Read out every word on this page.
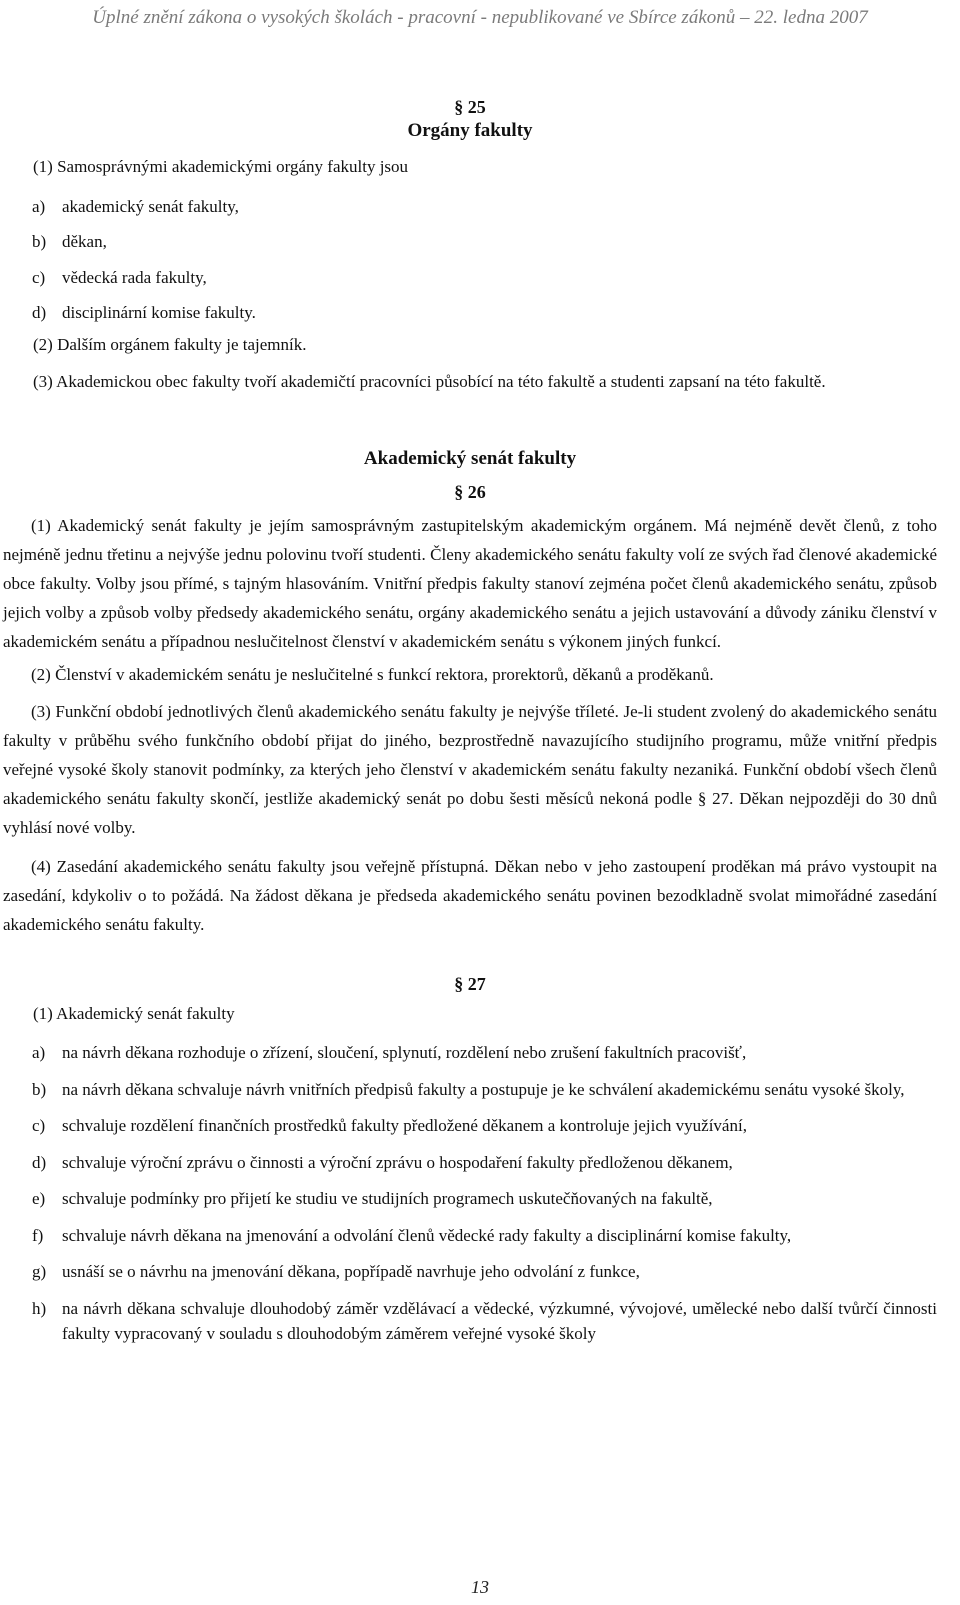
Úplné znění zákona o vysokých školách - pracovní - nepublikované ve Sbírce zákonů – 22. ledna 2007

§ 25

Orgány fakulty

(1) Samosprávnými akademickými orgány fakulty jsou

a) akademický senát fakulty,
b) děkan,
c) vědecká rada fakulty,
d) disciplinární komise fakulty.

(2) Dalším orgánem fakulty je tajemník.

(3) Akademickou obec fakulty tvoří akademičtí pracovníci působící na této fakultě a studenti zapsaní na této fakultě.

Akademický senát fakulty

§ 26

(1) Akademický senát fakulty je jejím samosprávným zastupitelským akademickým orgánem. Má nejméně devět členů, z toho nejméně jednu třetinu a nejvýše jednu polovinu tvoří studenti. Členy akademického senátu fakulty volí ze svých řad členové akademické obce fakulty. Volby jsou přímé, s tajným hlasováním. Vnitřní předpis fakulty stanoví zejména počet členů akademického senátu, způsob jejich volby a způsob volby předsedy akademického senátu, orgány akademického senátu a jejich ustavování a důvody zániku členství v akademickém senátu a případnou neslučitelnost členství v akademickém senátu s výkonem jiných funkcí.

(2) Členství v akademickém senátu je neslučitelné s funkcí rektora, prorektorů, děkanů a proděkanů.

(3) Funkční období jednotlivých členů akademického senátu fakulty je nejvýše tříleté. Je-li student zvolený do akademického senátu fakulty v průběhu svého funkčního období přijat do jiného, bezprostředně navazujícího studijního programu, může vnitřní předpis veřejné vysoké školy stanovit podmínky, za kterých jeho členství v akademickém senátu fakulty nezaniká. Funkční období všech členů akademického senátu fakulty skončí, jestliže akademický senát po dobu šesti měsíců nekoná podle § 27. Děkan nejpozději do 30 dnů vyhlásí nové volby.

(4) Zasedání akademického senátu fakulty jsou veřejně přístupná. Děkan nebo v jeho zastoupení proděkan má právo vystoupit na zasedání, kdykoliv o to požádá. Na žádost děkana je předseda akademického senátu povinen bezodkladně svolat mimořádné zasedání akademického senátu fakulty.

§ 27

(1) Akademický senát fakulty

a) na návrh děkana rozhoduje o zřízení, sloučení, splynutí, rozdělení nebo zrušení fakultních pracovišť,
b) na návrh děkana schvaluje návrh vnitřních předpisů fakulty a postupuje je ke schválení akademickému senátu vysoké školy,
c) schvaluje rozdělení finančních prostředků fakulty předložené děkanem a kontroluje jejich využívání,
d) schvaluje výroční zprávu o činnosti a výroční zprávu o hospodaření fakulty předloženou děkanem,
e) schvaluje podmínky pro přijetí ke studiu ve studijních programech uskutečňovaných na fakultě,
f)	schvaluje návrh děkana na jmenování a odvolání členů vědecké rady fakulty a disciplinární komise fakulty,
g) usnáší se o návrhu na jmenování děkana, popřípadě navrhuje jeho odvolání z funkce,
h) na návrh děkana schvaluje dlouhodobý záměr vzdělávací a vědecké, výzkumné, vývojové, umělecké nebo další tvůrčí činnosti fakulty vypracovaný v souladu s dlouhodobým záměrem veřejné vysoké školy
13
